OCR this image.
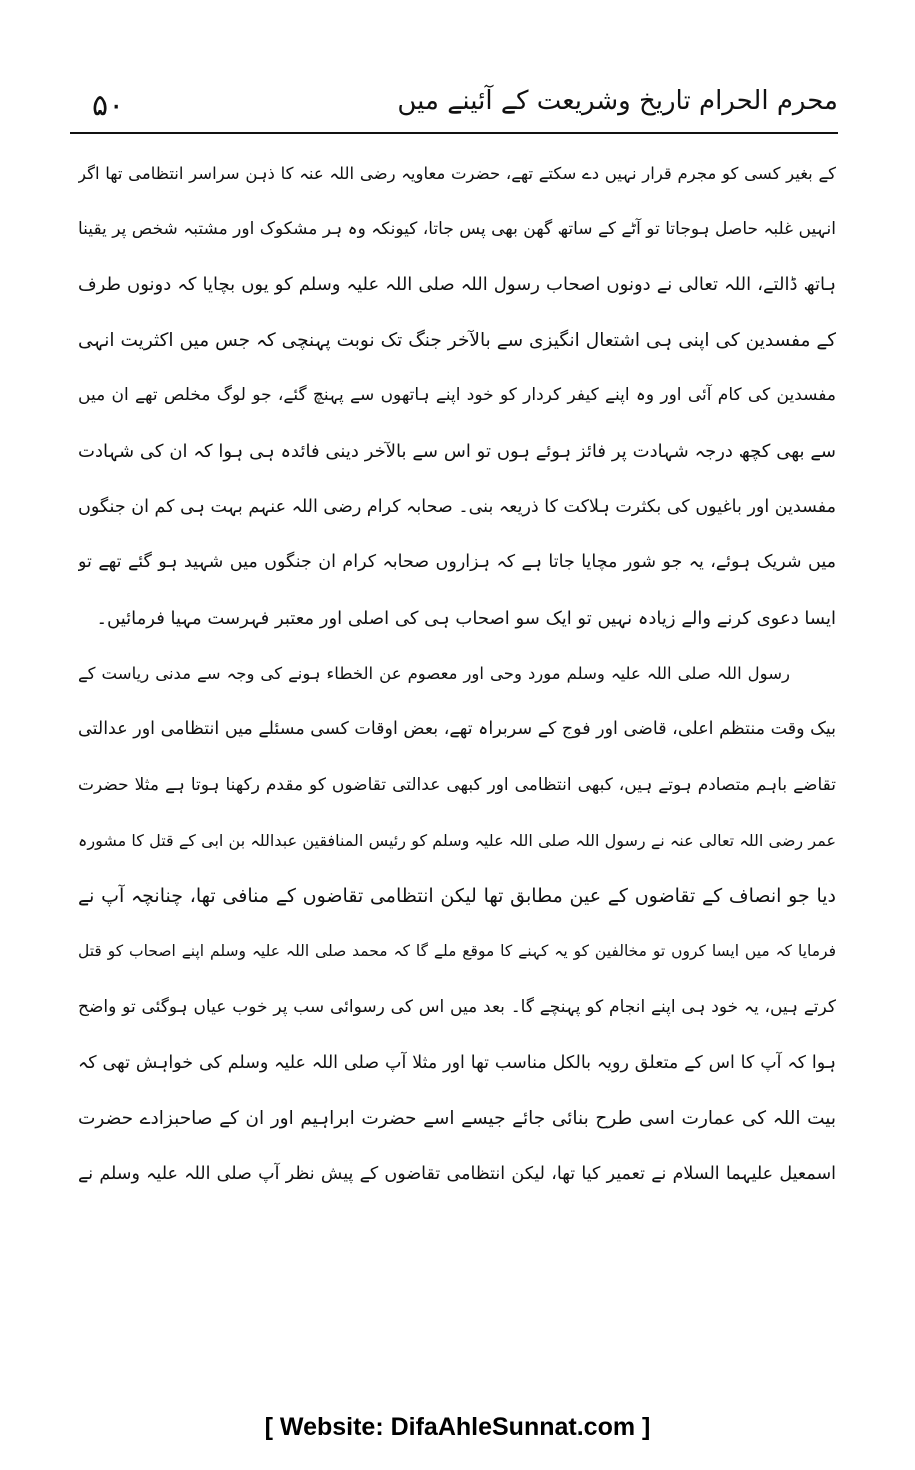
۵۰	محرم الحرام تاریخ وشریعت کے آئینے میں
کے بغیر کسی کو مجرم قرار نہیں دے سکتے تھے، حضرت معاویہ رضی اللہ عنہ کا ذہن سراسر انتظامی تھا اگر
انہیں غلبہ حاصل ہوجاتا تو آٹے کے ساتھ گھن بھی پس جاتا، کیونکہ وہ ہر مشکوک اور مشتبہ شخص پر یقینا
ہاتھ ڈالتے، اللہ تعالی نے دونوں اصحاب رسول اللہ صلی اللہ علیہ وسلم کو یوں بچایا کہ دونوں طرف
کے مفسدین کی اپنی ہی اشتعال انگیزی سے بالآخر جنگ تک نوبت پہنچی کہ جس میں اکثریت انہی
مفسدین کی کام آئی اور وہ اپنے کیفر کردار کو خود اپنے ہاتھوں سے پہنچ گئے، جو لوگ مخلص تھے ان میں
سے بھی کچھ درجہ شہادت پر فائز ہوئے ہوں تو اس سے بالآخر دینی فائدہ ہی ہوا کہ ان کی شہادت
مفسدین اور باغیوں کی بکثرت ہلاکت کا ذریعہ بنی۔ صحابہ کرام رضی اللہ عنہم بہت ہی کم ان جنگوں
میں شریک ہوئے، یہ جو شور مچایا جاتا ہے کہ ہزاروں صحابہ کرام ان جنگوں میں شہید ہو گئے تھے تو
ایسا دعوی کرنے والے زیادہ نہیں تو ایک سو اصحاب ہی کی اصلی اور معتبر فہرست مہیا فرمائیں۔
رسول اللہ صلی اللہ علیہ وسلم مورد وحی اور معصوم عن الخطاء ہونے کی وجہ سے مدنی ریاست کے
بیک وقت منتظم اعلی، قاضی اور فوج کے سربراہ تھے، بعض اوقات کسی مسئلے میں انتظامی اور عدالتی
تقاضے باہم متصادم ہوتے ہیں، کبھی انتظامی اور کبھی عدالتی تقاضوں کو مقدم رکھنا ہوتا ہے مثلا حضرت
عمر رضی اللہ تعالی عنہ نے رسول اللہ صلی اللہ علیہ وسلم کو رئیس المنافقین عبداللہ بن ابی کے قتل کا مشورہ
دیا جو انصاف کے تقاضوں کے عین مطابق تھا لیکن انتظامی تقاضوں کے منافی تھا، چنانچہ آپ نے
فرمایا کہ میں ایسا کروں تو مخالفین کو یہ کہنے کا موقع ملے گا کہ محمد صلی اللہ علیہ وسلم اپنے اصحاب کو قتل
کرتے ہیں، یہ خود ہی اپنے انجام کو پہنچے گا۔ بعد میں اس کی رسوائی سب پر خوب عیاں ہوگئی تو واضح
ہوا کہ آپ کا اس کے متعلق رویہ بالکل مناسب تھا اور مثلا آپ صلی اللہ علیہ وسلم کی خواہش تھی کہ
بیت اللہ کی عمارت اسی طرح بنائی جائے جیسے اسے حضرت ابراہیم اور ان کے صاحبزادے حضرت
اسمعیل علیہما السلام نے تعمیر کیا تھا، لیکن انتظامی تقاضوں کے پیش نظر آپ صلی اللہ علیہ وسلم نے
[ Website: DifaAhleSunnat.com ]
